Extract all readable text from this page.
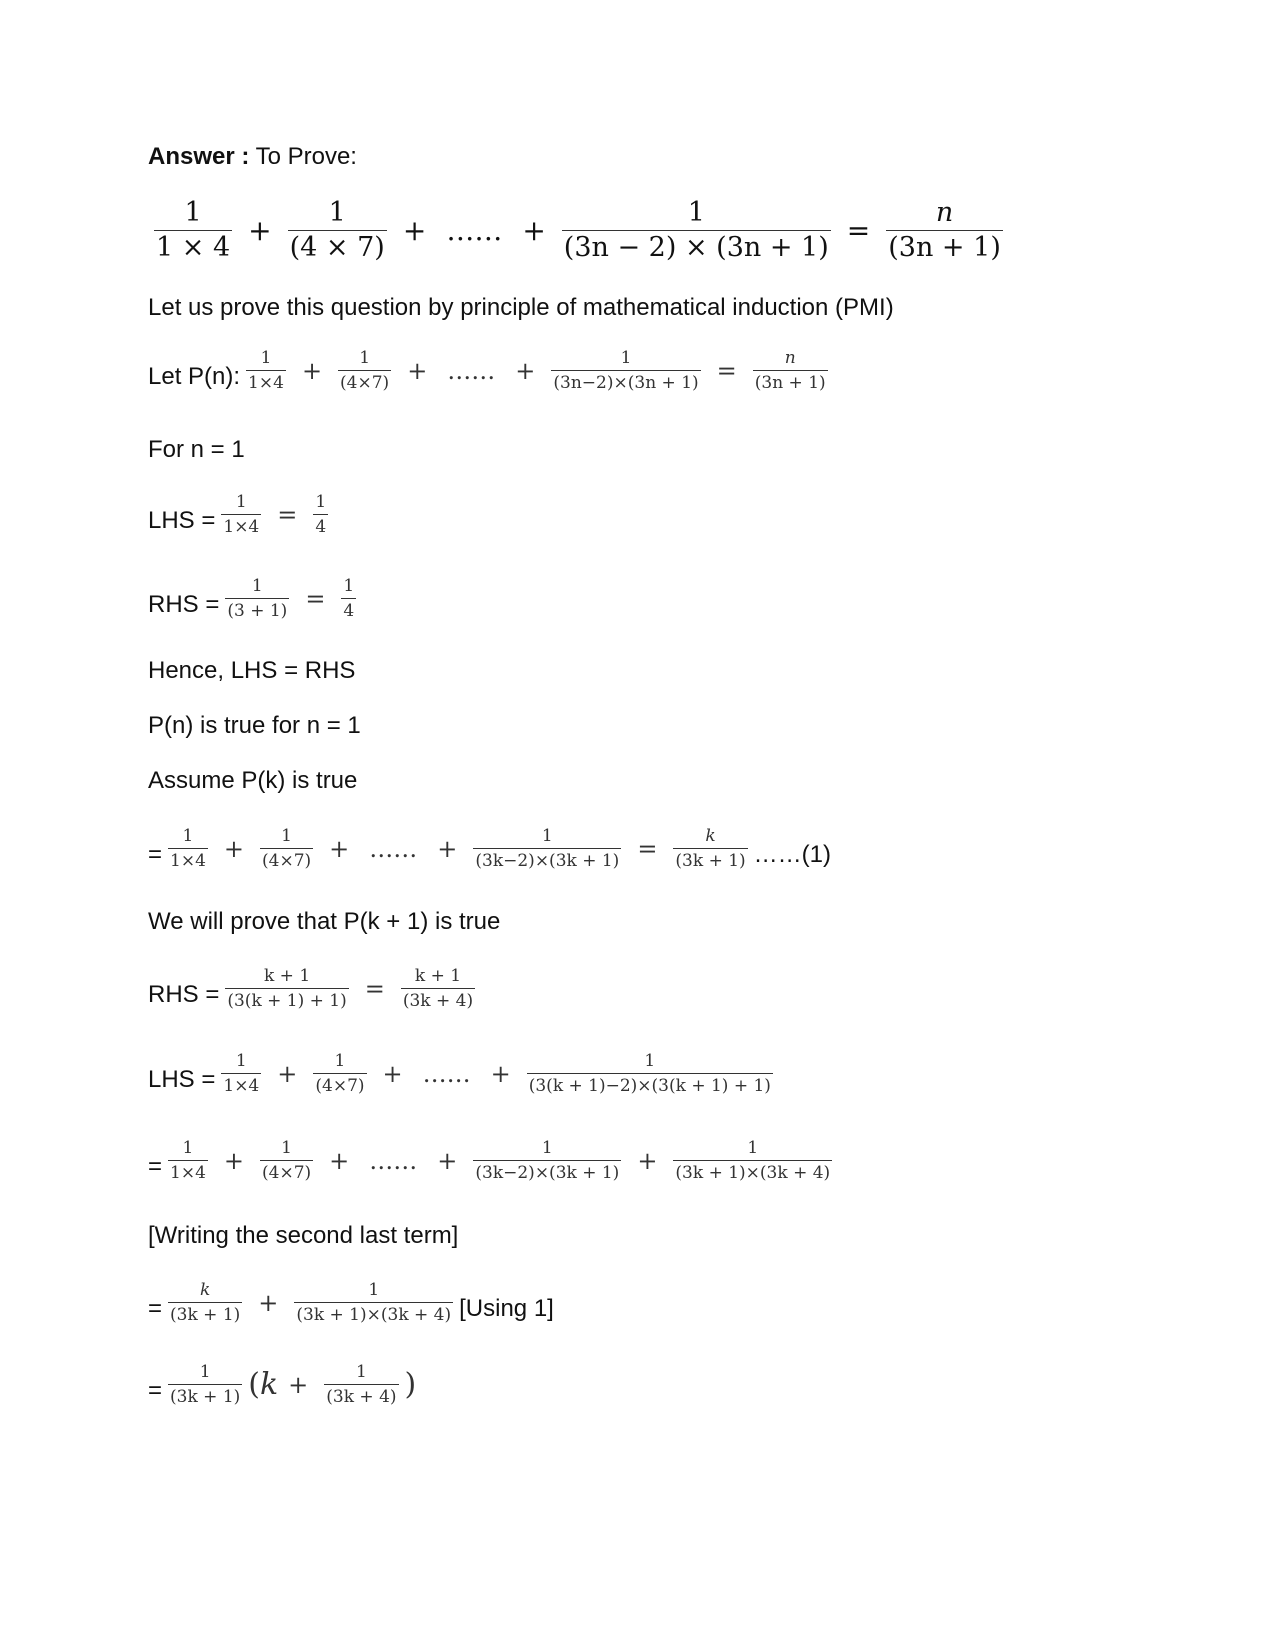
Answer : To Prove:
$\frac{1}{1 \times 4} + \frac{1}{(4 \times 7)}$ + …… + $\frac{1}{(3n - 2) \times (3n + 1)} = \frac{n}{(3n + 1)}$
Let us prove this question by principle of mathematical induction (PMI)
Let P(n): $\frac{1}{1\times 4} + \frac{1}{(4\times 7)}$ + …… + $\frac{1}{(3n-2)\times(3n + 1)} = \frac{n}{(3n + 1)}$
For n = 1
LHS = $\frac{1}{1\times 4} = \frac{1}{4}$
RHS = $\frac{1}{(3 + 1)} = \frac{1}{4}$
Hence, LHS = RHS
P(n) is true for n = 1
Assume P(k) is true
= $\frac{1}{1\times 4} + \frac{1}{(4\times 7)}$ + …… + $\frac{1}{(3k-2)\times(3k + 1)} = \frac{k}{(3k + 1)}$ ……(1)
We will prove that P(k + 1) is true
RHS = $\frac{k + 1}{(3(k + 1) + 1)} = \frac{k + 1}{(3k + 4)}$
LHS = $\frac{1}{1\times 4} + \frac{1}{(4\times 7)}$ + …… + $\frac{1}{(3(k + 1)-2)\times(3(k + 1) + 1)}$
= $\frac{1}{1\times 4} + \frac{1}{(4\times 7)}$ + …… + $\frac{1}{(3k-2)\times(3k + 1)} + \frac{1}{(3k + 1)\times(3k + 4)}$
[Writing the second last term]
= $\frac{k}{(3k + 1)} + \frac{1}{(3k + 1)\times(3k + 4)} [Using$ 1]
= $\frac{1}{(3k + 1)}$ ( $k + \frac{1}{(3k + 4)}$ )
